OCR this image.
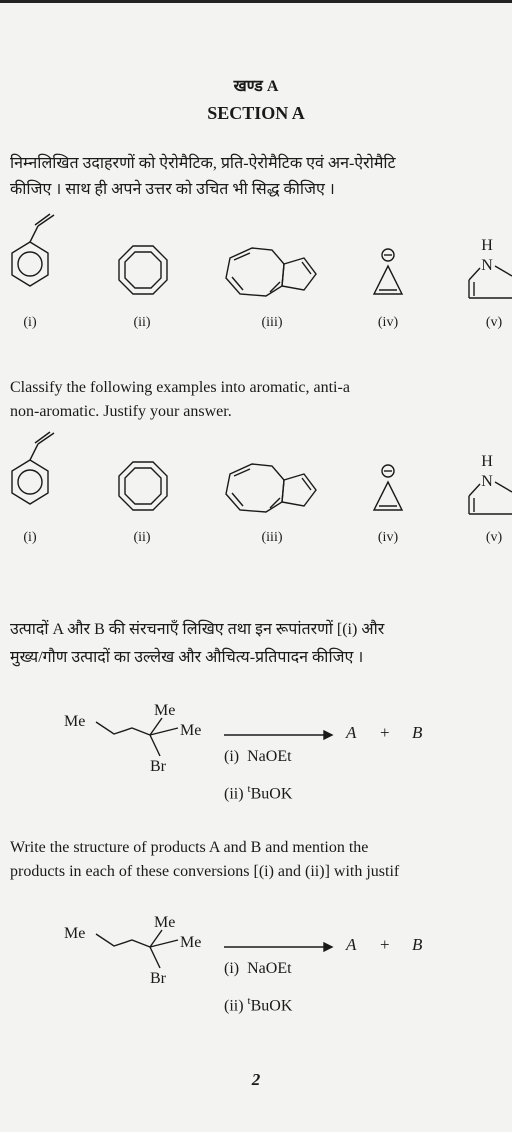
खण्ड A
SECTION A
निम्नलिखित उदाहरणों को ऐरोमैटिक, प्रति-ऐरोमैटिक एवं अन-ऐरोमैटि
कीजिए । साथ ही अपने उत्तर को उचित भी सिद्ध कीजिए ।
H
N
(i)	(ii)	(iii)	(iv)	(v)
Classify the following examples into aromatic, anti-a
non-aromatic. Justify your answer.
H
N
(i)	(ii)	(iii)	(iv)	(v)
उत्पादों A और B की संरचनाएँ लिखिए तथा इन रूपांतरणों [(i) और
मुख्य/गौण उत्पादों का उल्लेख और औचित्य-प्रतिपादन कीजिए ।
Me
Me
Me
Br
A + B
(i)  NaOEt
(ii) $^t$BuOK
Write the structure of products A and B and mention the
products in each of these conversions [(i) and (ii)] with justif
Me
Me
Me
Br
A + B
(i)  NaOEt
(ii) $^t$BuOK
2
